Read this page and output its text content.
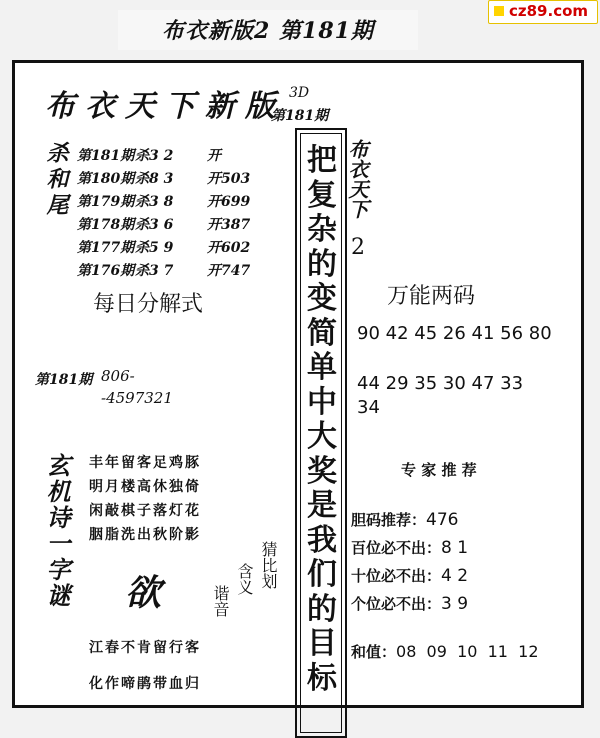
布衣新版2 第181期
cz89.com
布衣天下新版 3D
第181期
杀和尾 第181期杀3 2 开
第180期杀8 3 开503
第179期杀3 8 开699
第178期杀3 6 开387
第177期杀5 9 开602
第176期杀3 7 开747
每日分解式
第181期 806-
-4597321
玄机诗一字谜 丰年留客足鸡豚
明月楼高休独倚
闲敲棋子落灯花
胭脂洗出秋阶影
欲
猜比划
含义
谐音
江春不肯留行客
化作啼鹃带血归
把
复
杂
的
变
简
单
中
大
奖
是
我
们
的
目
标
布衣天下
2
万能两码
90 42 45 26 41 56 80
44 29 35 30 47 33
34
专 家 推 荐
胆码推荐：476
百位必不出：8 1
十位必不出：4 2
个位必不出：3 9
和值：08  09  10  11  12
